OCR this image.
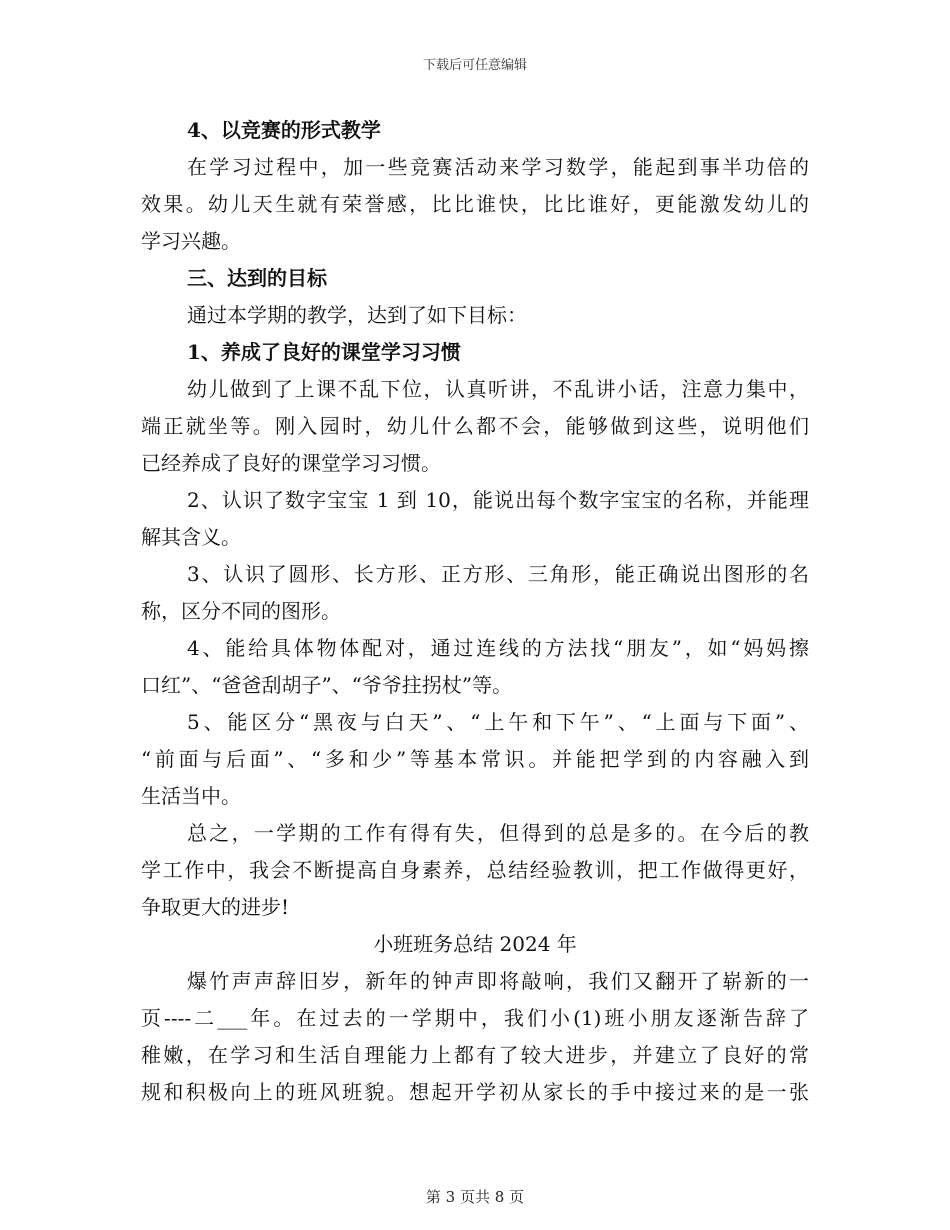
下载后可任意编辑
4、以竞赛的形式教学
在学习过程中，加一些竞赛活动来学习数学，能起到事半功倍的
效果。幼儿天生就有荣誉感，比比谁快，比比谁好，更能激发幼儿的
学习兴趣。
三、达到的目标
通过本学期的教学，达到了如下目标：
1、养成了良好的课堂学习习惯
幼儿做到了上课不乱下位，认真听讲，不乱讲小话，注意力集中，
端正就坐等。刚入园时，幼儿什么都不会，能够做到这些，说明他们
已经养成了良好的课堂学习习惯。
2、认识了数字宝宝 1 到 10，能说出每个数字宝宝的名称，并能理
解其含义。
3、认识了圆形、长方形、正方形、三角形，能正确说出图形的名
称，区分不同的图形。
4、能给具体物体配对，通过连线的方法找“朋友”，如“妈妈擦
口红”、“爸爸刮胡子”、“爷爷拄拐杖”等。
5、能区分“黑夜与白天”、“上午和下午”、“上面与下面”、
“前面与后面”、“多和少”等基本常识。并能把学到的内容融入到
生活当中。
总之，一学期的工作有得有失，但得到的总是多的。在今后的教
学工作中，我会不断提高自身素养，总结经验教训，把工作做得更好，
争取更大的进步!
小班班务总结 2024 年
爆竹声声辞旧岁，新年的钟声即将敲响，我们又翻开了崭新的一
页----二___年。在过去的一学期中，我们小(1)班小朋友逐渐告辞了
稚嫩，在学习和生活自理能力上都有了较大进步，并建立了良好的常
规和积极向上的班风班貌。想起开学初从家长的手中接过来的是一张
第 3 页共 8 页
